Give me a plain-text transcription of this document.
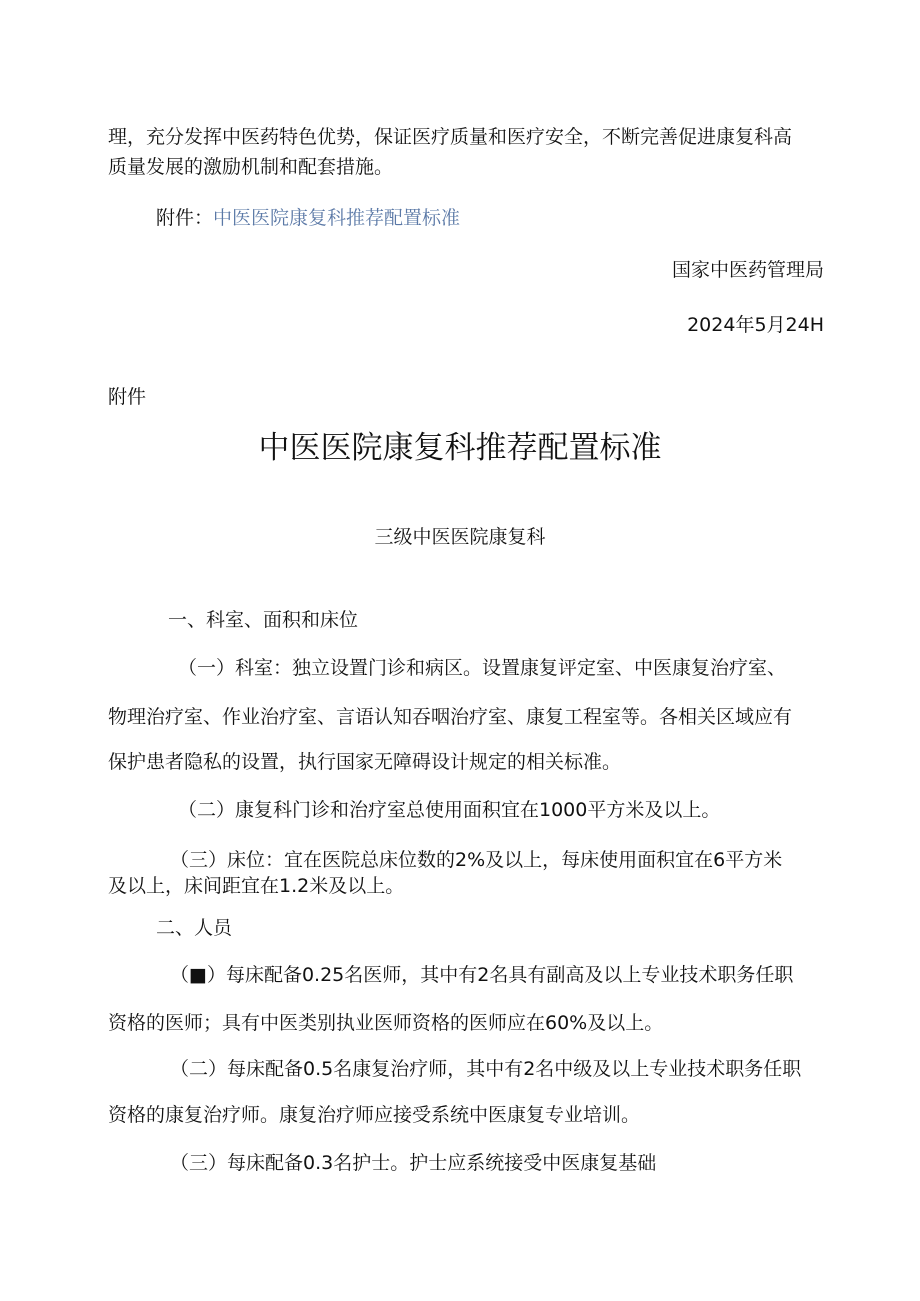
理，充分发挥中医药特色优势，保证医疗质量和医疗安全，不断完善促进康复科高

质量发展的激励机制和配套措施。

附件：中医医院康复科推荐配置标准

国家中医药管理局
2024年5月24H

附件

中医医院康复科推荐配置标准
三级中医医院康复科

一、科室、面积和床位

（一）科室：独立设置门诊和病区。设置康复评定室、中医康复治疗室、

物理治疗室、作业治疗室、言语认知吞咽治疗室、康复工程室等。各相关区域应有

保护患者隐私的设置，执行国家无障碍设计规定的相关标准。

（二）康复科门诊和治疗室总使用面积宜在1000平方米及以上。

（三）床位：宜在医院总床位数的2%及以上，每床使用面积宜在6平方米

及以上，床间距宜在1.2米及以上。

二、人员

（■）每床配备0.25名医师，其中有2名具有副高及以上专业技术职务任职

资格的医师；具有中医类别执业医师资格的医师应在60%及以上。

（二）每床配备0.5名康复治疗师，其中有2名中级及以上专业技术职务任职

资格的康复治疗师。康复治疗师应接受系统中医康复专业培训。

（三）每床配备0.3名护士。护士应系统接受中医康复基础
